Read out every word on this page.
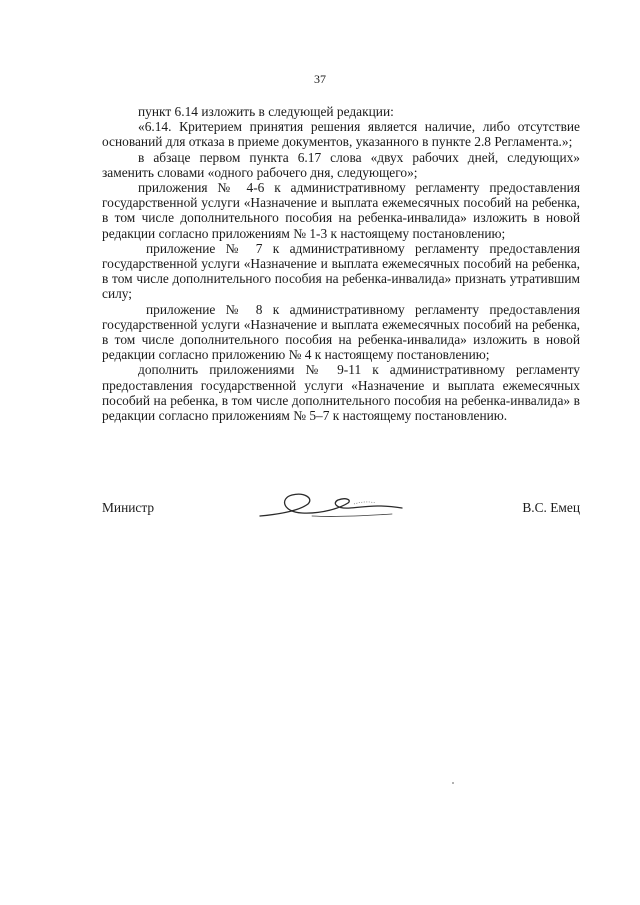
37

пункт 6.14 изложить в следующей редакции:

«6.14. Критерием принятия решения является наличие, либо отсутствие оснований для отказа в приеме документов, указанного в пункте 2.8 Регламента.»;

в абзаце первом пункта 6.17 слова «двух рабочих дней, следующих» заменить словами «одного рабочего дня, следующего»;

приложения № 4-6 к административному регламенту предоставления государственной услуги «Назначение и выплата ежемесячных пособий на ребенка, в том числе дополнительного пособия на ребенка-инвалида» изложить в новой редакции согласно приложениям № 1-3 к настоящему постановлению;

приложение № 7 к административному регламенту предоставления государственной услуги «Назначение и выплата ежемесячных пособий на ребенка, в том числе дополнительного пособия на ребенка-инвалида» признать утратившим силу;

приложение № 8 к административному регламенту предоставления государственной услуги «Назначение и выплата ежемесячных пособий на ребенка, в том числе дополнительного пособия на ребенка-инвалида» изложить в новой редакции согласно приложению № 4 к настоящему постановлению;

дополнить приложениями № 9-11 к административному регламенту предоставления государственной услуги «Назначение и выплата ежемесячных пособий на ребенка, в том числе дополнительного пособия на ребенка-инвалида» в редакции согласно приложениям № 5–7 к настоящему постановлению.

Министр	В.С. Емец
